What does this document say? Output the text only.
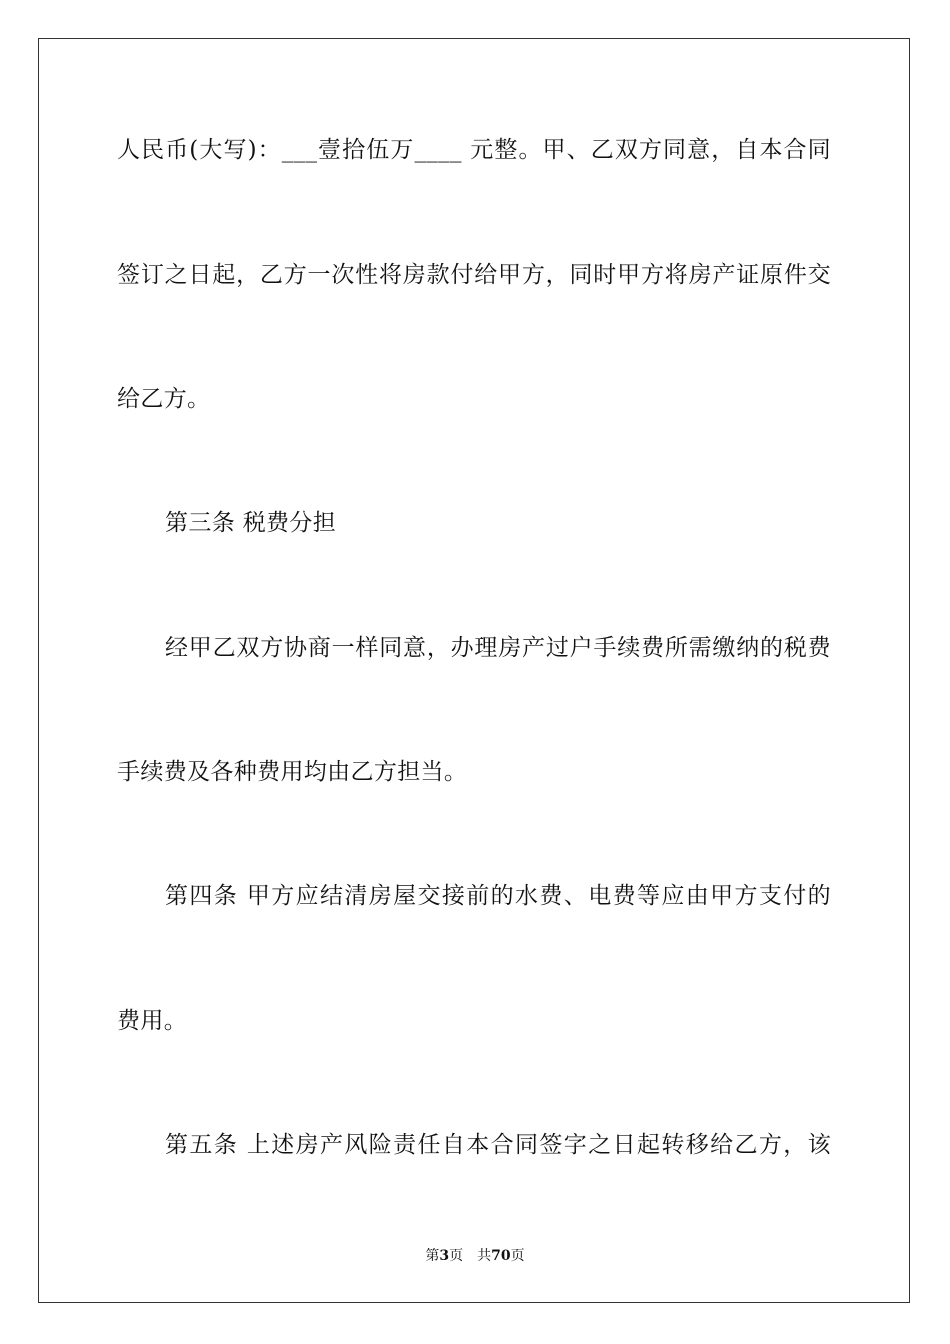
人民币(大写)：___壹拾伍万____ 元整。甲、乙双方同意，自本合同
签订之日起，乙方一次性将房款付给甲方，同时甲方将房产证原件交
给乙方。
第三条 税费分担
经甲乙双方协商一样同意，办理房产过户手续费所需缴纳的税费
手续费及各种费用均由乙方担当。
第四条 甲方应结清房屋交接前的水费、电费等应由甲方支付的
费用。
第五条 上述房产风险责任自本合同签字之日起转移给乙方，该
第3页 共70页
